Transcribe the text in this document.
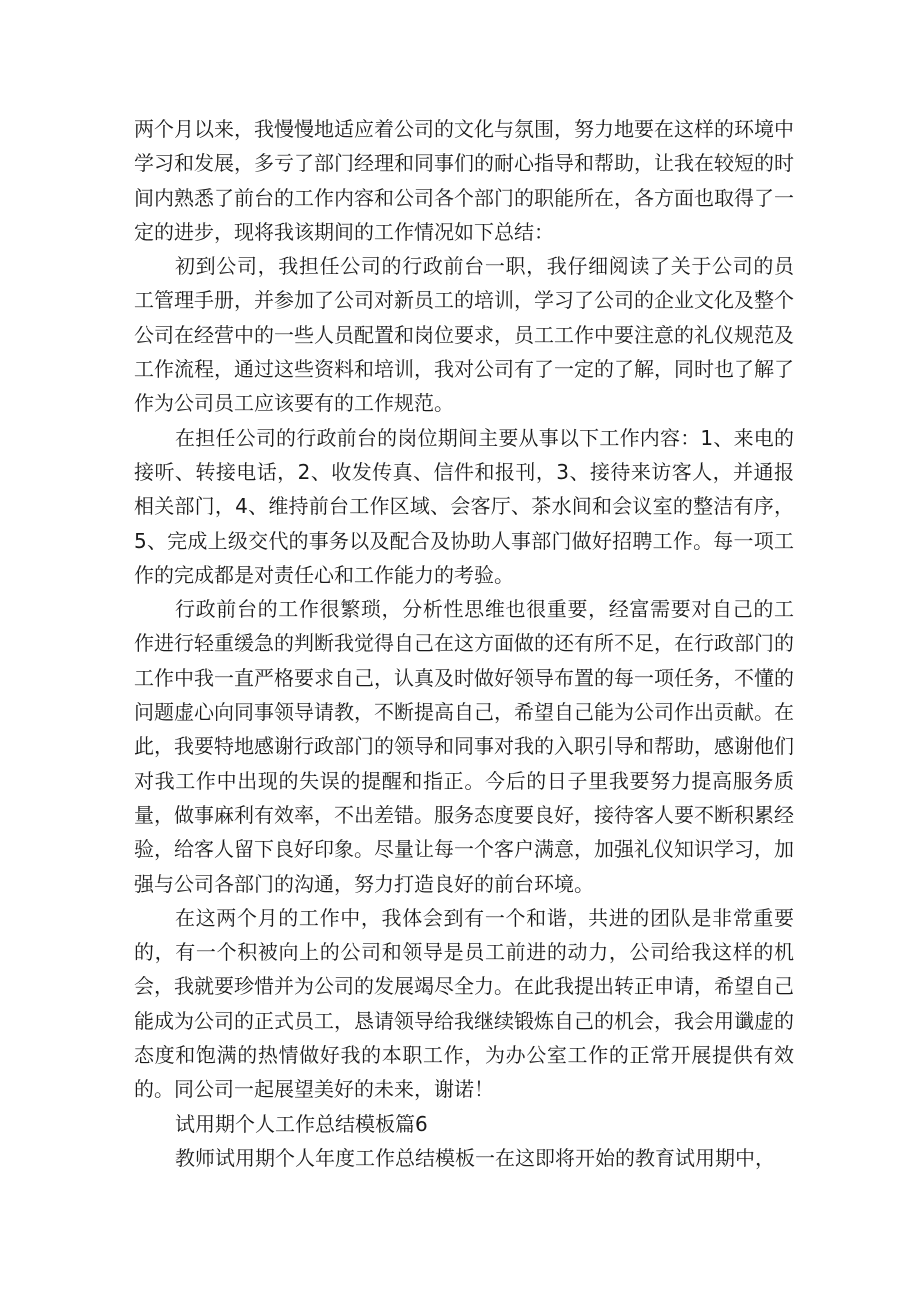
两个月以来，我慢慢地适应着公司的文化与氛围，努力地要在这样的环境中学习和发展，多亏了部门经理和同事们的耐心指导和帮助，让我在较短的时间内熟悉了前台的工作内容和公司各个部门的职能所在，各方面也取得了一定的进步，现将我该期间的工作情况如下总结：

初到公司，我担任公司的行政前台一职，我仔细阅读了关于公司的员工管理手册，并参加了公司对新员工的培训，学习了公司的企业文化及整个公司在经营中的一些人员配置和岗位要求，员工工作中要注意的礼仪规范及工作流程，通过这些资料和培训，我对公司有了一定的了解，同时也了解了作为公司员工应该要有的工作规范。

在担任公司的行政前台的岗位期间主要从事以下工作内容：1、来电的接听、转接电话，2、收发传真、信件和报刊，3、接待来访客人，并通报相关部门，4、维持前台工作区域、会客厅、茶水间和会议室的整洁有序，5、完成上级交代的事务以及配合及协助人事部门做好招聘工作。每一项工作的完成都是对责任心和工作能力的考验。

行政前台的工作很繁琐，分析性思维也很重要，经富需要对自己的工作进行轻重缓急的判断我觉得自己在这方面做的还有所不足，在行政部门的工作中我一直严格要求自己，认真及时做好领导布置的每一项任务，不懂的问题虚心向同事领导请教，不断提高自己，希望自己能为公司作出贡献。在此，我要特地感谢行政部门的领导和同事对我的入职引导和帮助，感谢他们对我工作中出现的失误的提醒和指正。今后的日子里我要努力提高服务质量，做事麻利有效率，不出差错。服务态度要良好，接待客人要不断积累经验，给客人留下良好印象。尽量让每一个客户满意，加强礼仪知识学习，加强与公司各部门的沟通，努力打造良好的前台环境。

在这两个月的工作中，我体会到有一个和谐，共进的团队是非常重要的，有一个积被向上的公司和领导是员工前进的动力，公司给我这样的机会，我就要珍惜并为公司的发展竭尽全力。在此我提出转正申请，希望自己能成为公司的正式员工，恳请领导给我继续锻炼自己的机会，我会用谶虚的态度和饱满的热情做好我的本职工作，为办公室工作的正常开展提供有效的。同公司一起展望美好的未来，谢诺！

试用期个人工作总结模板篇6

教师试用期个人年度工作总结模板一在这即将开始的教育试用期中，
